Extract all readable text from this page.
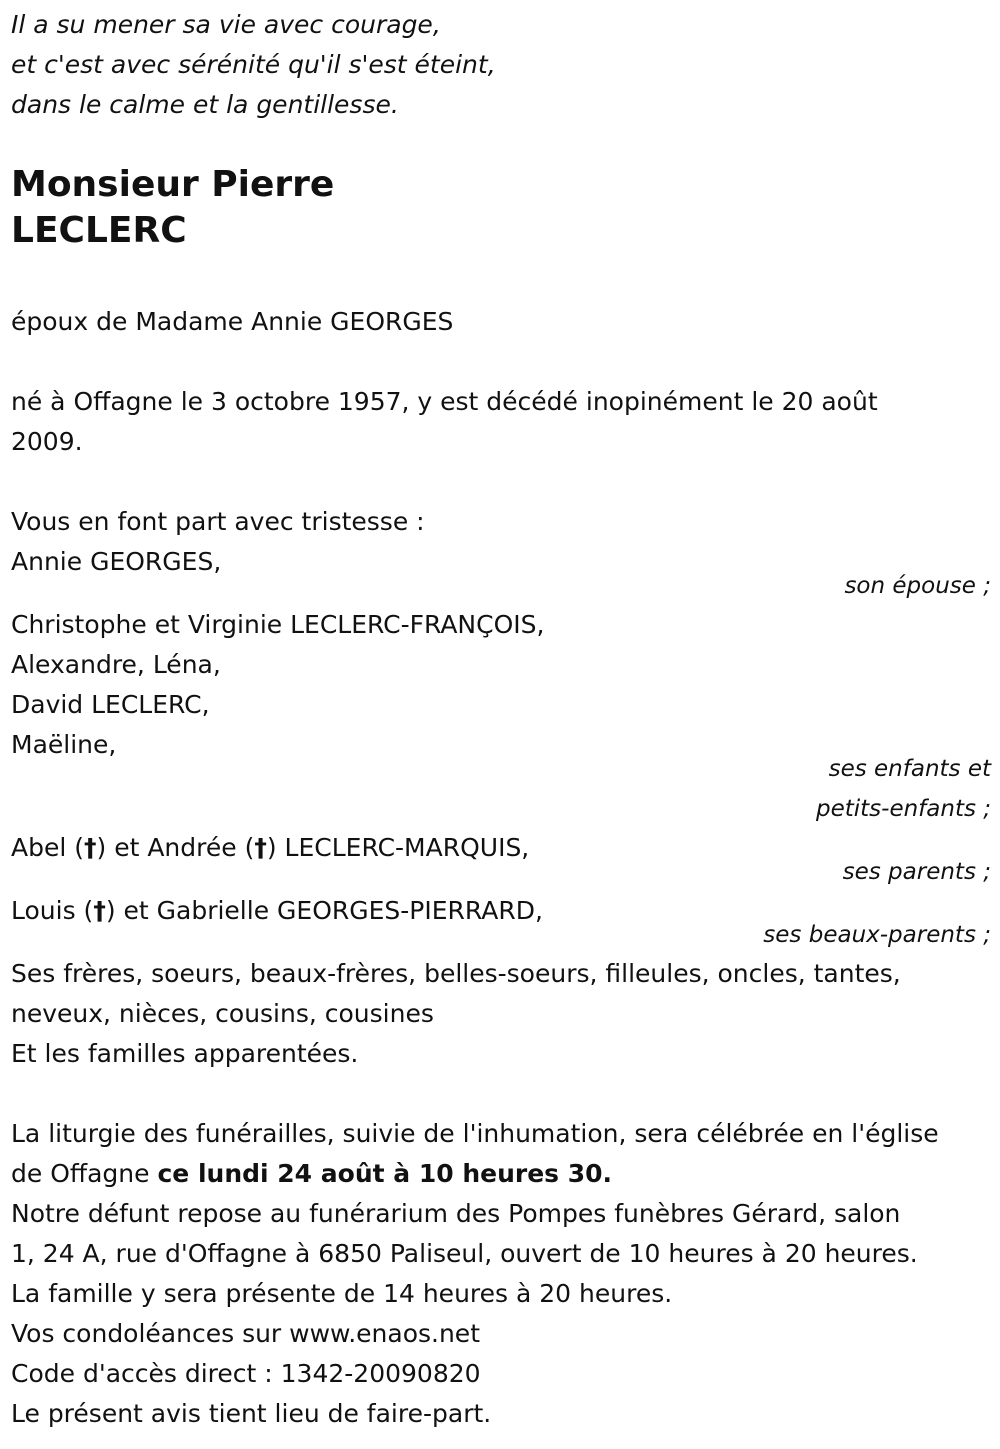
Il a su mener sa vie avec courage,
et c'est avec sérénité qu'il s'est éteint,
dans le calme et la gentillesse.
Monsieur Pierre
LECLERC
époux de Madame Annie GEORGES
né à Offagne le 3 octobre 1957, y est décédé inopinément le 20 août
2009.
Vous en font part avec tristesse :
Annie GEORGES,
son épouse ;
Christophe et Virginie LECLERC-FRANÇOIS,
Alexandre, Léna,
David LECLERC,
Maëline,
ses enfants et
petits-enfants ;
Abel (†) et Andrée (†) LECLERC-MARQUIS,
ses parents ;
Louis (†) et Gabrielle GEORGES-PIERRARD,
ses beaux-parents ;
Ses frères, soeurs, beaux-frères, belles-soeurs, filleules, oncles, tantes,
neveux, nièces, cousins, cousines
Et les familles apparentées.
La liturgie des funérailles, suivie de l'inhumation, sera célébrée en l'église
de Offagne ce lundi 24 août à 10 heures 30.
Notre défunt repose au funérarium des Pompes funèbres Gérard, salon
1, 24 A, rue d'Offagne à 6850 Paliseul, ouvert de 10 heures à 20 heures.
La famille y sera présente de 14 heures à 20 heures.
Vos condoléances sur www.enaos.net
Code d'accès direct : 1342-20090820
Le présent avis tient lieu de faire-part.
